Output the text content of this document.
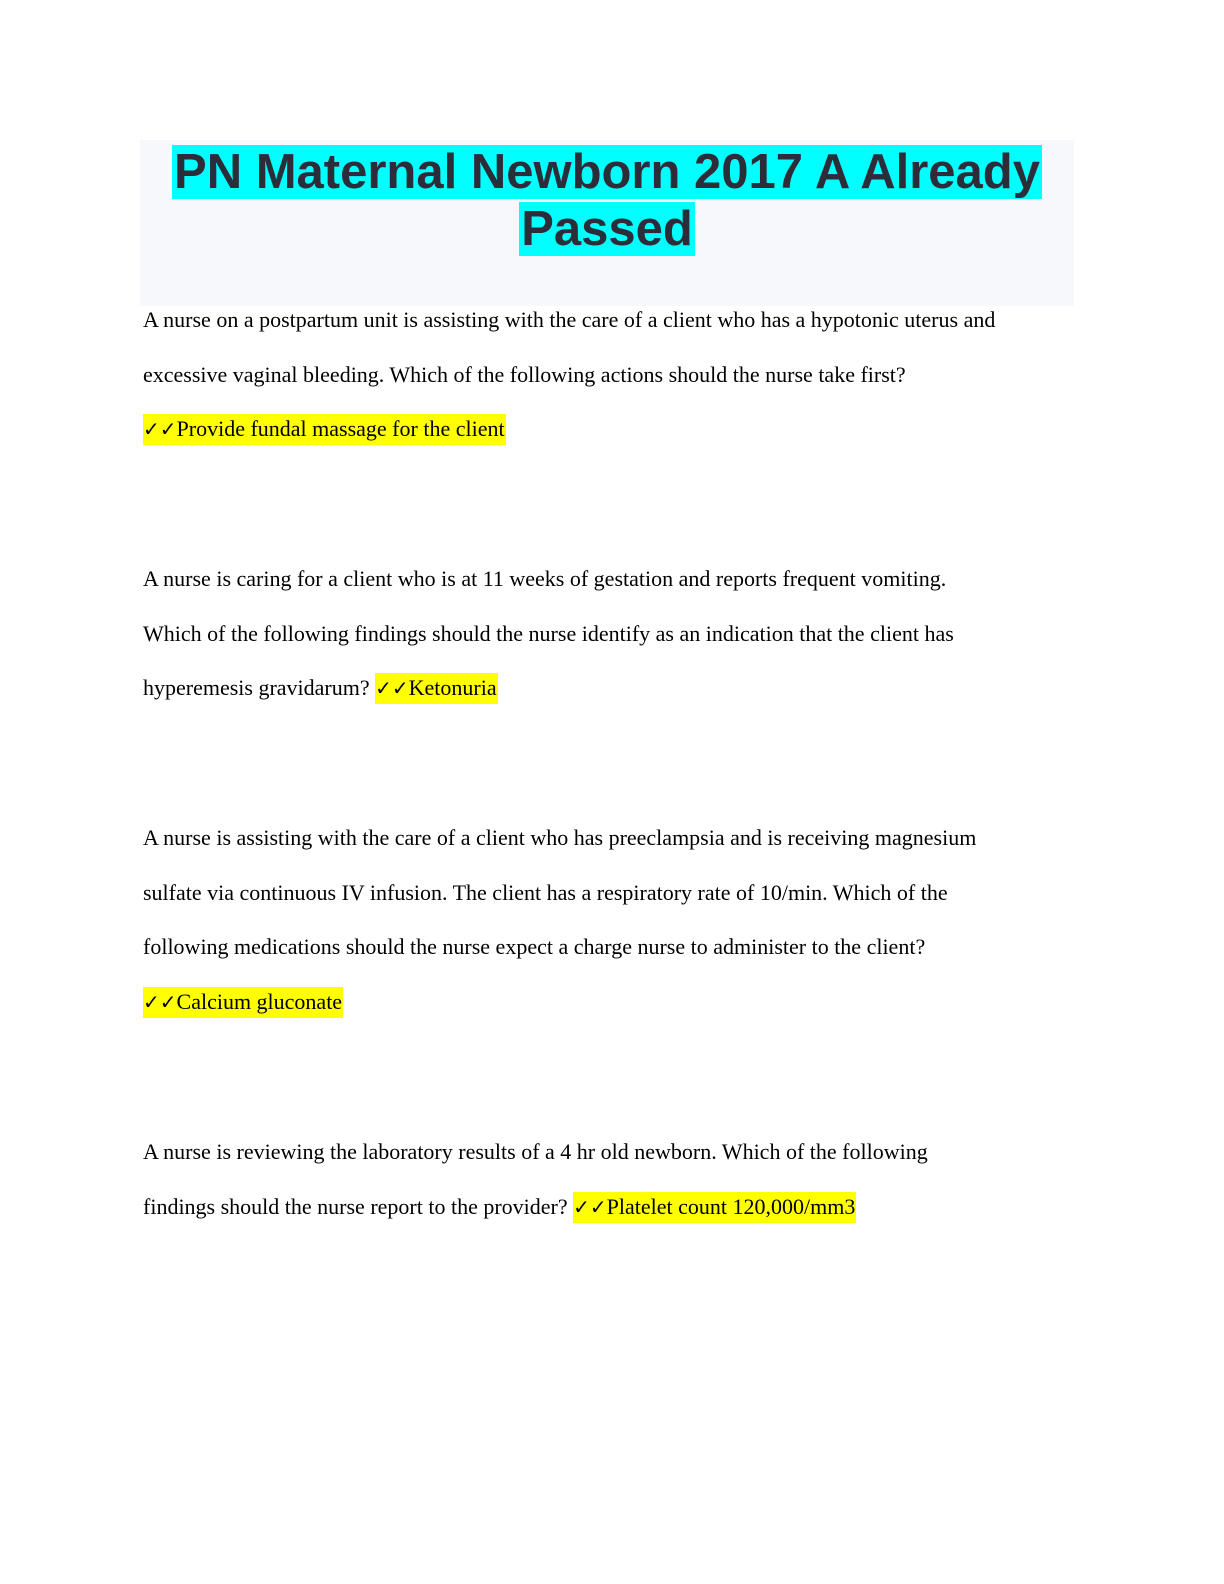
PN Maternal Newborn 2017 A Already
Passed

A nurse on a postpartum unit is assisting with the care of a client who has a hypotonic uterus and
excessive vaginal bleeding. Which of the following actions should the nurse take first?
✓✓Provide fundal massage for the client

A nurse is caring for a client who is at 11 weeks of gestation and reports frequent vomiting.
Which of the following findings should the nurse identify as an indication that the client has
hyperemesis gravidarum? ✓✓Ketonuria

A nurse is assisting with the care of a client who has preeclampsia and is receiving magnesium
sulfate via continuous IV infusion. The client has a respiratory rate of 10/min. Which of the
following medications should the nurse expect a charge nurse to administer to the client?
✓✓Calcium gluconate

A nurse is reviewing the laboratory results of a 4 hr old newborn. Which of the following
findings should the nurse report to the provider? ✓✓Platelet count 120,000/mm3
